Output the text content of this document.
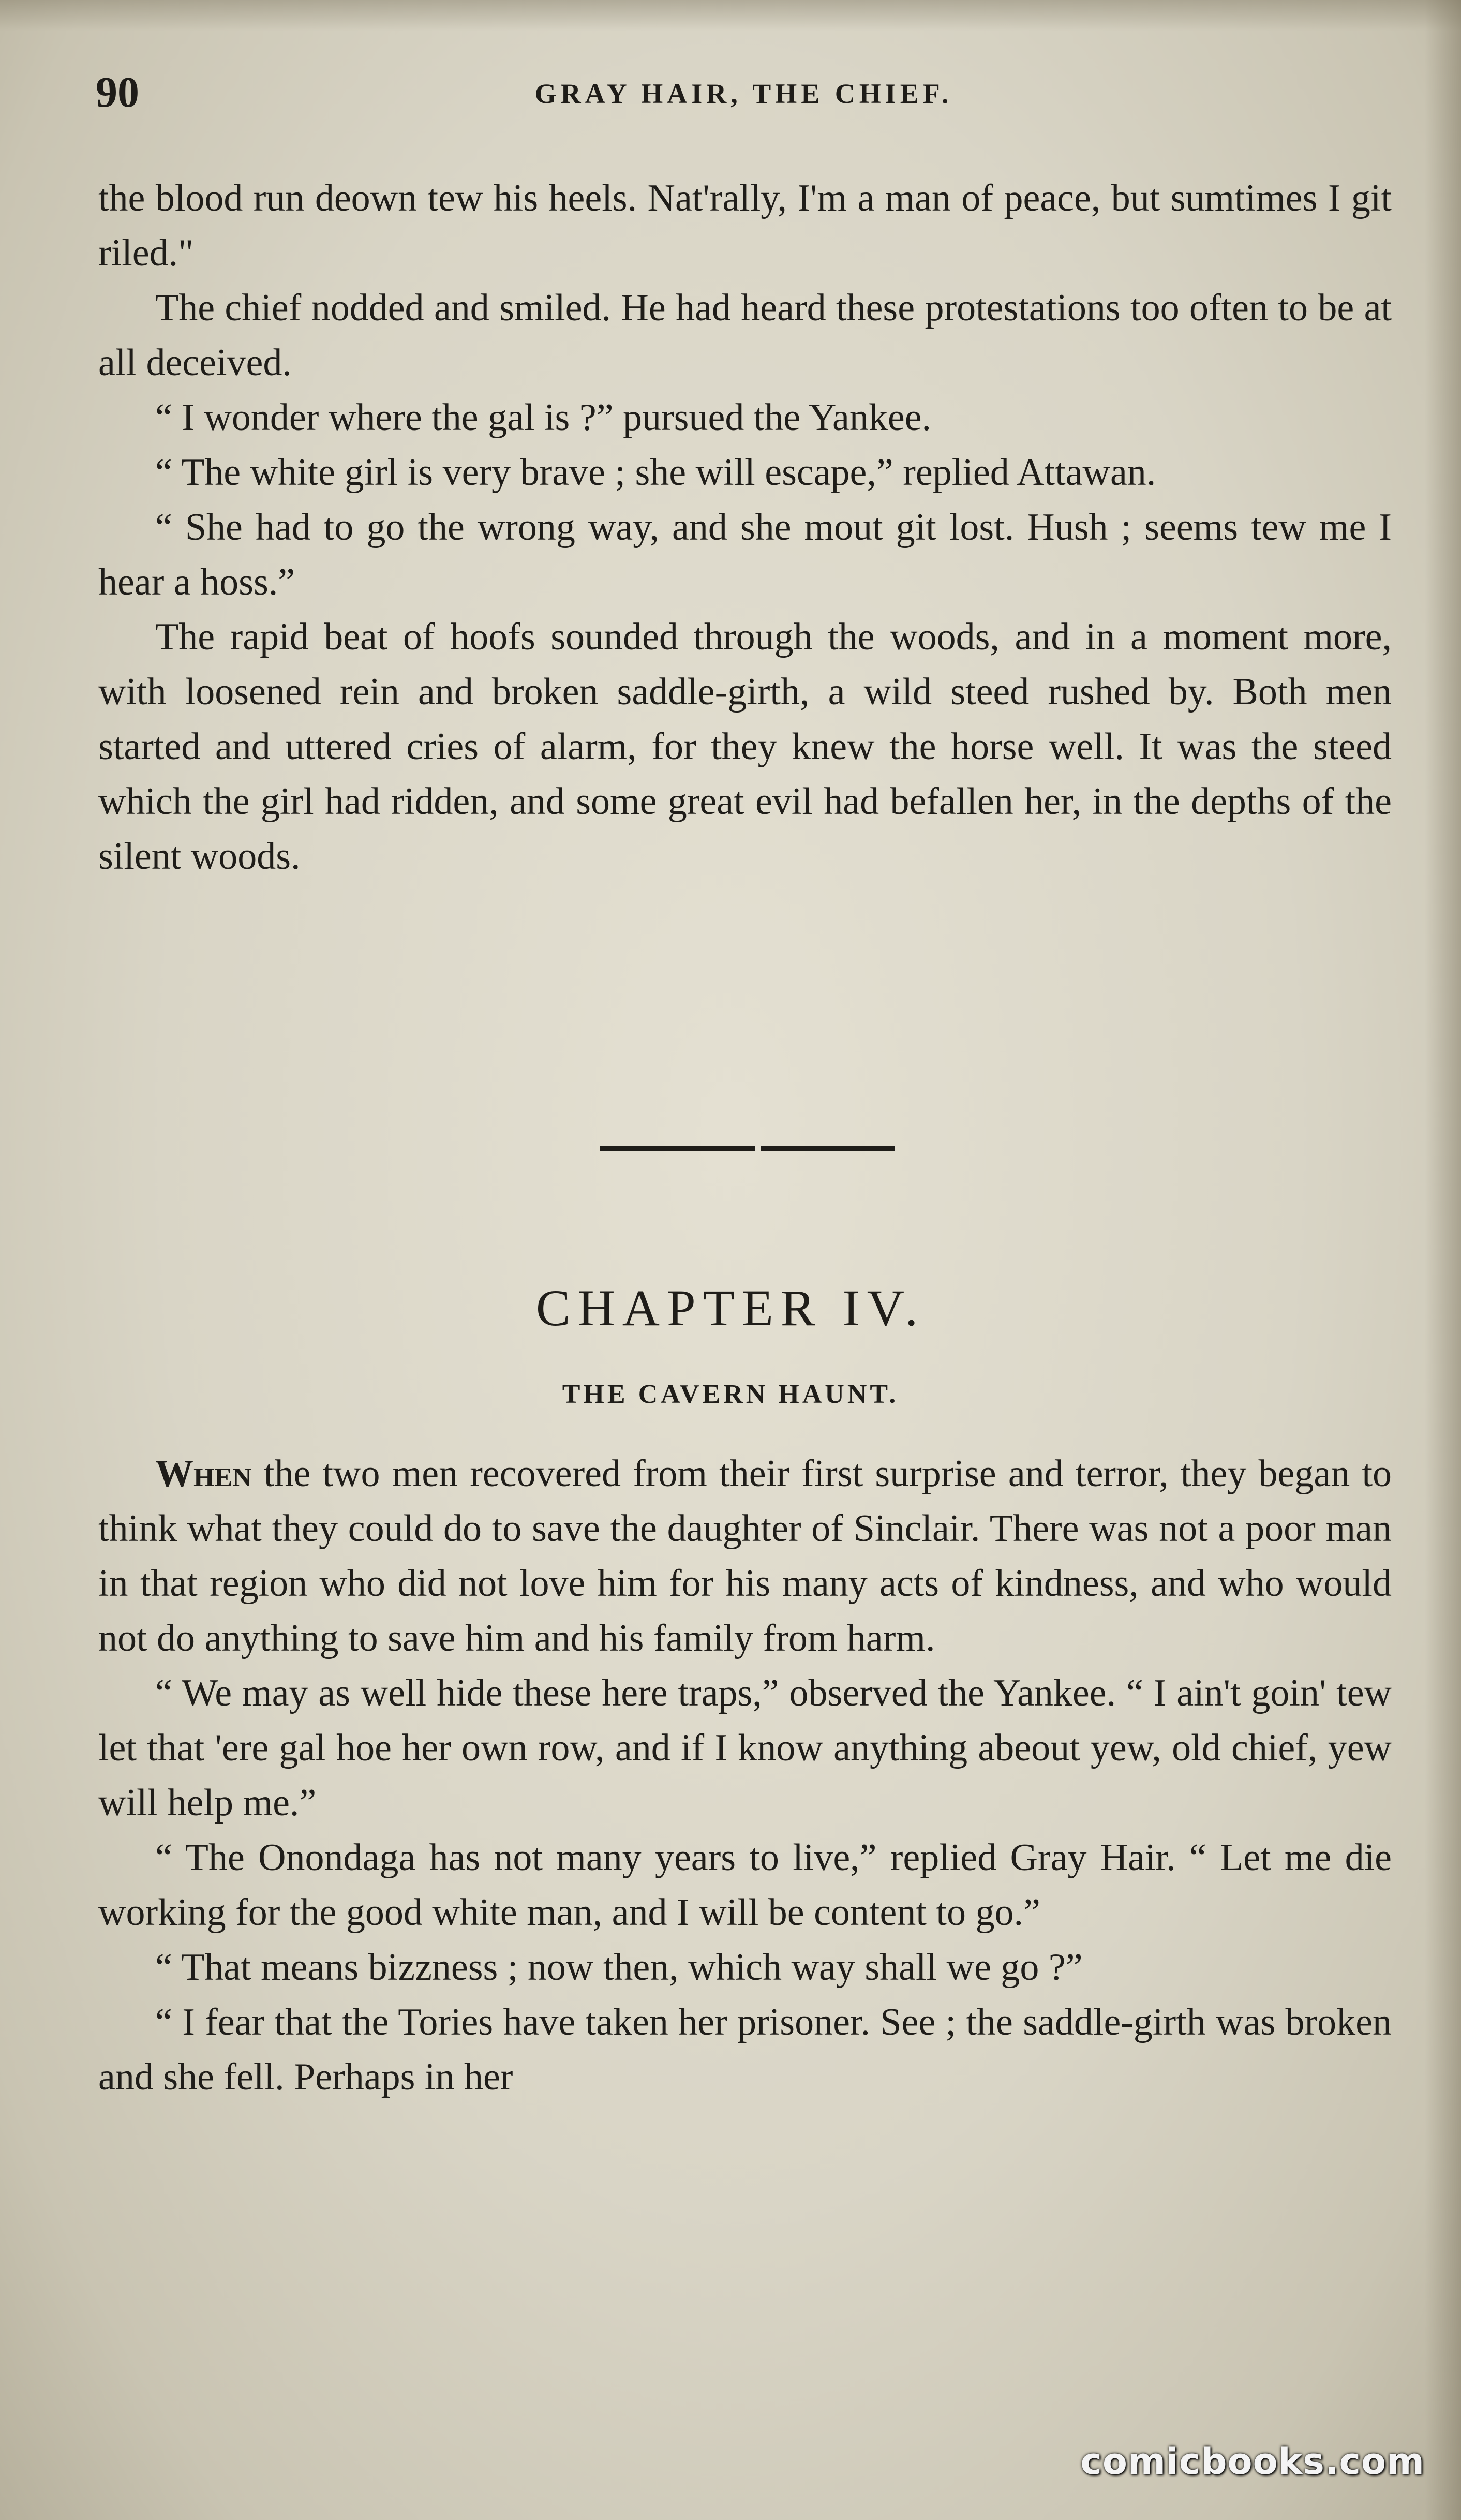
90	GRAY HAIR, THE CHIEF.

the blood run deown tew his heels. Nat'rally, I'm a man of peace, but sumtimes I git riled."

The chief nodded and smiled. He had heard these protestations too often to be at all deceived.

“ I wonder where the gal is ?” pursued the Yankee.

“ The white girl is very brave ; she will escape,” replied Attawan.

“ She had to go the wrong way, and she mout git lost. Hush ; seems tew me I hear a hoss.”

The rapid beat of hoofs sounded through the woods, and in a moment more, with loosened rein and broken saddle-girth, a wild steed rushed by. Both men started and uttered cries of alarm, for they knew the horse well. It was the steed which the girl had ridden, and some great evil had befallen her, in the depths of the silent woods.

CHAPTER IV.
THE CAVERN HAUNT.

When the two men recovered from their first surprise and terror, they began to think what they could do to save the daughter of Sinclair. There was not a poor man in that region who did not love him for his many acts of kindness, and who would not do anything to save him and his family from harm.

“ We may as well hide these here traps,” observed the Yankee. “ I ain't goin' tew let that 'ere gal hoe her own row, and if I know anything abeout yew, old chief, yew will help me.”

“ The Onondaga has not many years to live,” replied Gray Hair. “ Let me die working for the good white man, and I will be content to go.”

“ That means bizzness ; now then, which way shall we go ?”

“ I fear that the Tories have taken her prisoner. See ; the saddle-girth was broken and she fell. Perhaps in her

comicbooks.com
